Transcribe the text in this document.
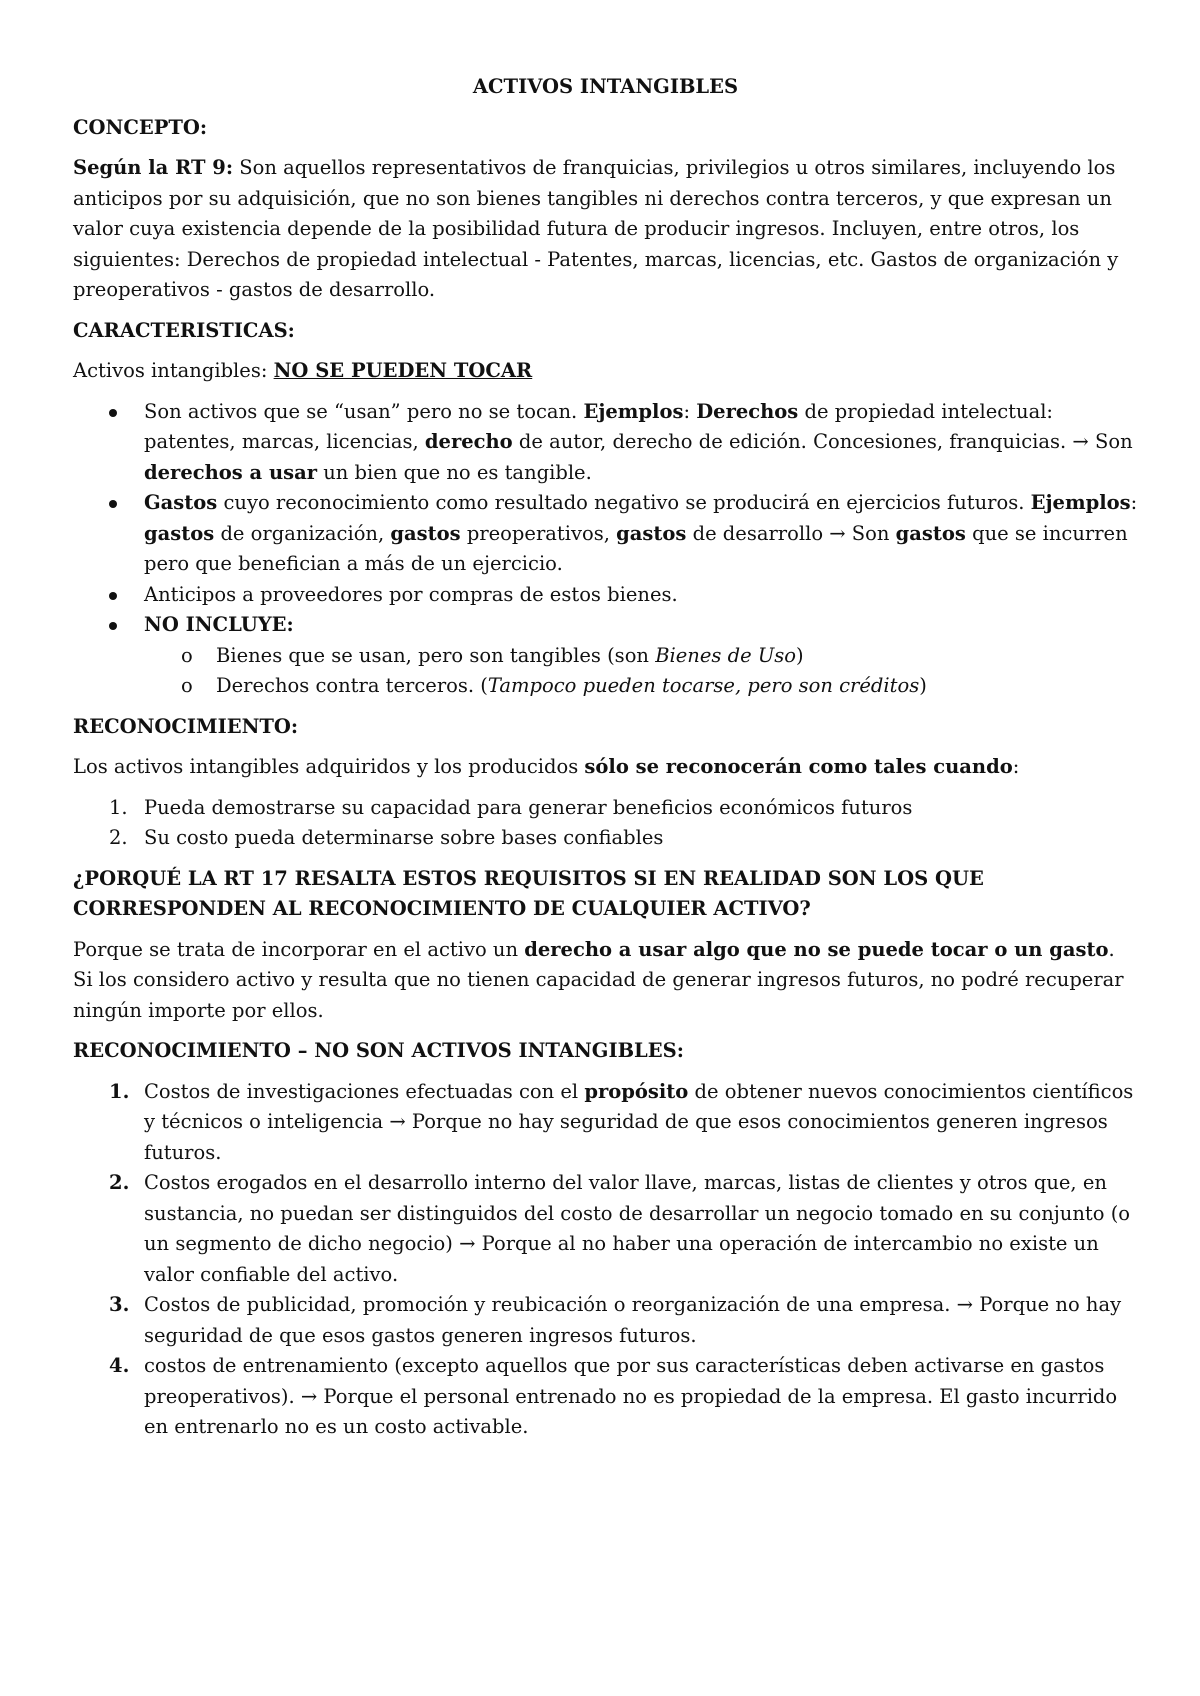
ACTIVOS INTANGIBLES
CONCEPTO:

Según la RT 9: Son aquellos representativos de franquicias, privilegios u otros similares, incluyendo los anticipos por su adquisición, que no son bienes tangibles ni derechos contra terceros, y que expresan un valor cuya existencia depende de la posibilidad futura de producir ingresos. Incluyen, entre otros, los siguientes: Derechos de propiedad intelectual - Patentes, marcas, licencias, etc. Gastos de organización y preoperativos - gastos de desarrollo.

CARACTERISTICAS:

Activos intangibles: NO SE PUEDEN TOCAR

Son activos que se “usan” pero no se tocan. Ejemplos: Derechos de propiedad intelectual: patentes, marcas, licencias, derecho de autor, derecho de edición. Concesiones, franquicias. → Son derechos a usar un bien que no es tangible.
Gastos cuyo reconocimiento como resultado negativo se producirá en ejercicios futuros. Ejemplos: gastos de organización, gastos preoperativos, gastos de desarrollo → Son gastos que se incurren pero que benefician a más de un ejercicio.
Anticipos a proveedores por compras de estos bienes.
NO INCLUYE:
o Bienes que se usan, pero son tangibles (son Bienes de Uso)
o Derechos contra terceros. (Tampoco pueden tocarse, pero son créditos)
RECONOCIMIENTO:

Los activos intangibles adquiridos y los producidos sólo se reconocerán como tales cuando:

1. Pueda demostrarse su capacidad para generar beneficios económicos futuros
2. Su costo pueda determinarse sobre bases confiables
¿PORQUÉ LA RT 17 RESALTA ESTOS REQUISITOS SI EN REALIDAD SON LOS QUE CORRESPONDEN AL RECONOCIMIENTO DE CUALQUIER ACTIVO?

Porque se trata de incorporar en el activo un derecho a usar algo que no se puede tocar o un gasto. Si los considero activo y resulta que no tienen capacidad de generar ingresos futuros, no podré recuperar ningún importe por ellos.

RECONOCIMIENTO – NO SON ACTIVOS INTANGIBLES:
1. Costos de investigaciones efectuadas con el propósito de obtener nuevos conocimientos científicos y técnicos o inteligencia → Porque no hay seguridad de que esos conocimientos generen ingresos futuros.
2. Costos erogados en el desarrollo interno del valor llave, marcas, listas de clientes y otros que, en sustancia, no puedan ser distinguidos del costo de desarrollar un negocio tomado en su conjunto (o un segmento de dicho negocio) → Porque al no haber una operación de intercambio no existe un valor confiable del activo.
3. Costos de publicidad, promoción y reubicación o reorganización de una empresa. → Porque no hay seguridad de que esos gastos generen ingresos futuros.
4. costos de entrenamiento (excepto aquellos que por sus características deben activarse en gastos preoperativos). → Porque el personal entrenado no es propiedad de la empresa. El gasto incurrido en entrenarlo no es un costo activable.
